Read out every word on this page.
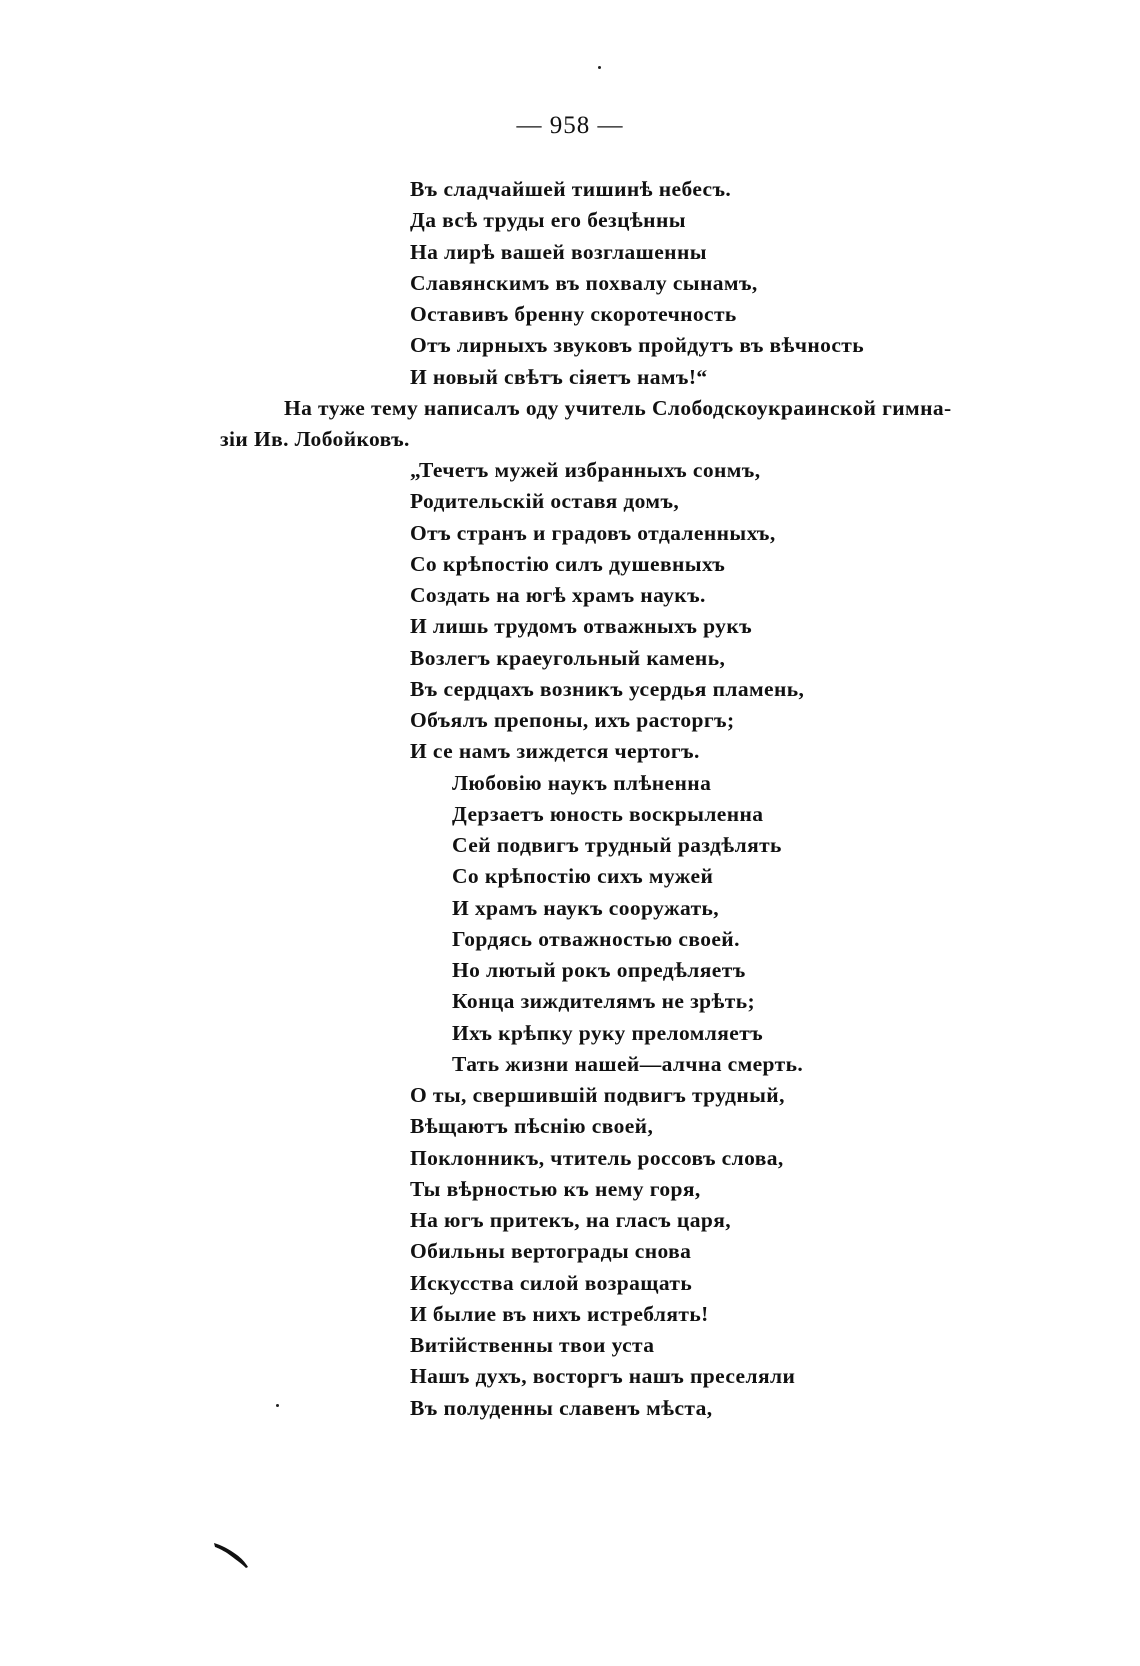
— 958 —
Въ сладчайшей тишинѣ небесъ.
Да всѣ труды его безцѣнны
На лирѣ вашей возглашенны
Славянскимъ въ похвалу сынамъ,
Оставивъ бренну скоротечность
Отъ лирныхъ звуковъ пройдутъ въ вѣчность
И новый свѣтъ сіяетъ намъ!“
На туже тему написалъ оду учитель Слободскоукраинской гимна-
зіи Ив. Лобойковъ.
„Течетъ мужей избранныхъ сонмъ,
Родительскій оставя домъ,
Отъ странъ и градовъ отдаленныхъ,
Со крѣпостію силъ душевныхъ
Создать на югѣ храмъ наукъ.
И лишь трудомъ отважныхъ рукъ
Возлегъ краеугольный камень,
Въ сердцахъ возникъ усердья пламень,
Объялъ препоны, ихъ расторгъ;
И се намъ зиждется чертогъ.
Любовію наукъ плѣненна
Дерзаетъ юность воскрыленна
Сей подвигъ трудный раздѣлять
Со крѣпостію сихъ мужей
И храмъ наукъ сооружать,
Гордясь отважностью своей.
Но лютый рокъ опредѣляетъ
Конца зиждителямъ не зрѣть;
Ихъ крѣпку руку преломляетъ
Тать жизни нашей—алчна смерть.
О ты, свершившій подвигъ трудный,
Вѣщаютъ пѣснію своей,
Поклонникъ, чтитель россовъ слова,
Ты вѣрностью къ нему горя,
На югъ притекъ, на гласъ царя,
Обильны вертограды снова
Искусства силой возращать
И былие въ нихъ истреблять!
Витійственны твои уста
Нашъ духъ, восторгъ нашъ преселяли
Въ полуденны славенъ мѣста,
